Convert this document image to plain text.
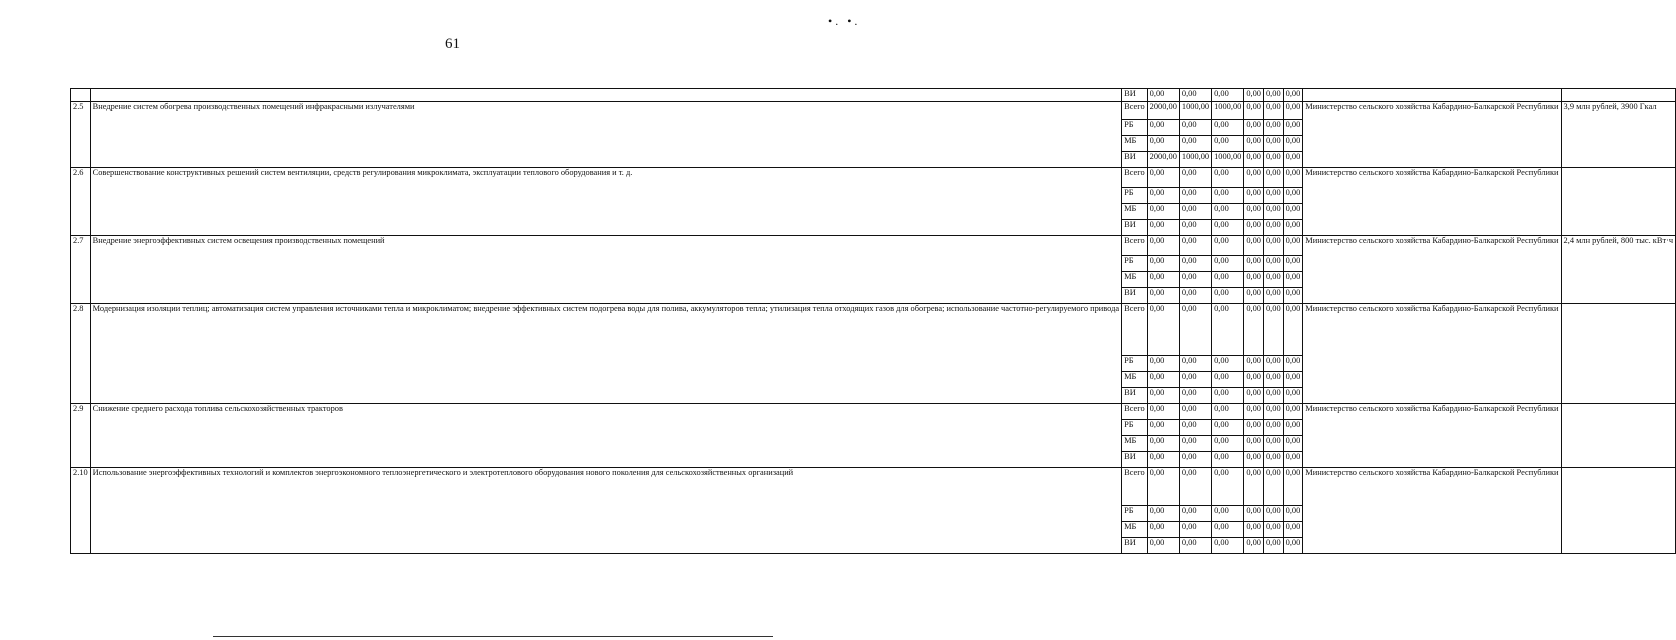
•. •.
61
		ВИ	0,00	0,00	0,00	0,00	0,00	0,00		
2.5	Внедрение систем обогрева производственных помещений инфракрасными излучателями	Всего	2000,00	1000,00	1000,00	0,00	0,00	0,00	Министерство сельского хозяйства Кабардино-Балкарской Республики	3,9 млн рублей, 3900 Гкал
		РБ	0,00	0,00	0,00	0,00	0,00	0,00		
		МБ	0,00	0,00	0,00	0,00	0,00	0,00		
		ВИ	2000,00	1000,00	1000,00	0,00	0,00	0,00		
2.6	Совершенствование конструктивных решений систем вентиляции, средств регулирования микроклимата, эксплуатации теплового оборудования и т. д.	Всего	0,00	0,00	0,00	0,00	0,00	0,00	Министерство сельского хозяйства Кабардино-Балкарской Республики	
		РБ	0,00	0,00	0,00	0,00	0,00	0,00		
		МБ	0,00	0,00	0,00	0,00	0,00	0,00		
		ВИ	0,00	0,00	0,00	0,00	0,00	0,00		
2.7	Внедрение энергоэффективных систем освещения производственных помещений	Всего	0,00	0,00	0,00	0,00	0,00	0,00	Министерство сельского хозяйства Кабардино-Балкарской Республики	2,4 млн рублей, 800 тыс. кВт·ч
		РБ	0,00	0,00	0,00	0,00	0,00	0,00		
		МБ	0,00	0,00	0,00	0,00	0,00	0,00		
		ВИ	0,00	0,00	0,00	0,00	0,00	0,00		
2.8	Модернизация изоляции теплиц; автоматизация систем управления источниками тепла и микроклиматом; внедрение эффективных систем подогрева воды для полива, аккумуляторов тепла; утилизация тепла отходящих газов для обогрева; использование частотно-регулируемого привода	Всего	0,00	0,00	0,00	0,00	0,00	0,00	Министерство сельского хозяйства Кабардино-Балкарской Республики	
		РБ	0,00	0,00	0,00	0,00	0,00	0,00		
		МБ	0,00	0,00	0,00	0,00	0,00	0,00		
		ВИ	0,00	0,00	0,00	0,00	0,00	0,00		
2.9	Снижение среднего расхода топлива сельскохозяйственных тракторов	Всего	0,00	0,00	0,00	0,00	0,00	0,00	Министерство сельского хозяйства Кабардино-Балкарской Республики	
		РБ	0,00	0,00	0,00	0,00	0,00	0,00		
		МБ	0,00	0,00	0,00	0,00	0,00	0,00		
		ВИ	0,00	0,00	0,00	0,00	0,00	0,00		
2.10	Использование энергоэффективных технологий и комплектов энергоэкономного теплоэнергетического и электротеплового оборудования нового поколения для сельскохозяйственных организаций	Всего	0,00	0,00	0,00	0,00	0,00	0,00	Министерство сельского хозяйства Кабардино-Балкарской Республики	
		РБ	0,00	0,00	0,00	0,00	0,00	0,00		
		МБ	0,00	0,00	0,00	0,00	0,00	0,00		
		ВИ	0,00	0,00	0,00	0,00	0,00	0,00		
